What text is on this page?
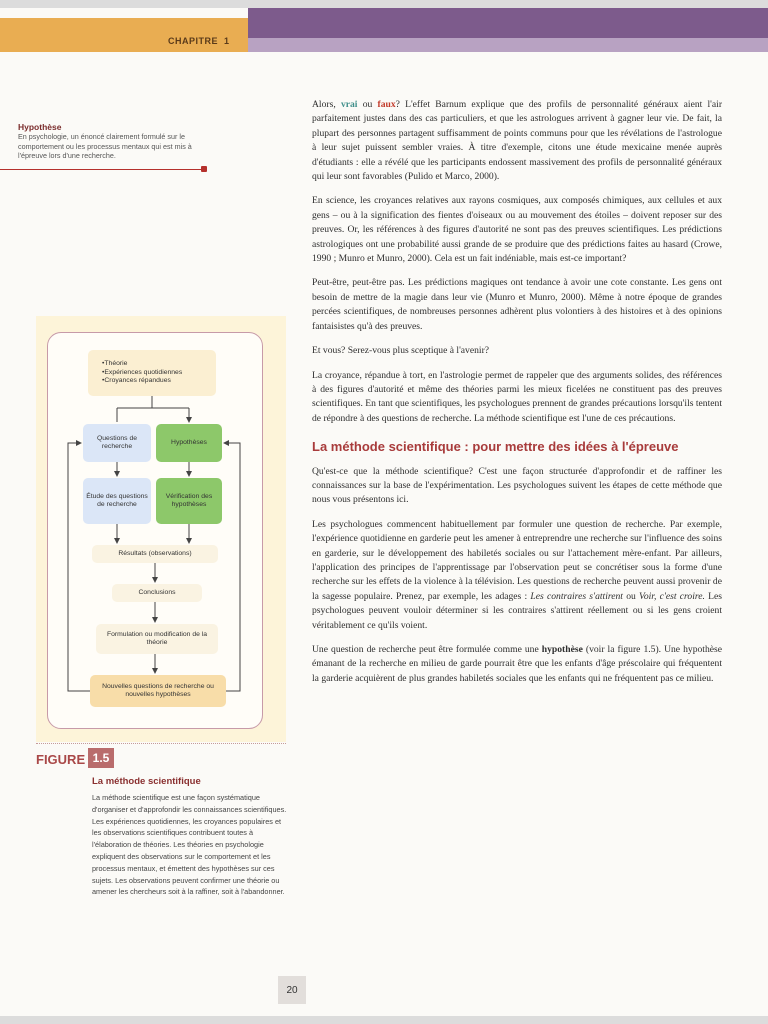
CHAPITRE 1
Hypothèse
En psychologie, un énoncé clairement formulé sur le comportement ou les processus mentaux qui est mis à l'épreuve lors d'une recherche.
• Théorie
• Expériences quotidiennes
• Croyances répandues
Questions de recherche
Hypothèses
Étude des questions de recherche
Vérification des hypothèses
Résultats (observations)
Conclusions
Formulation ou modification de la théorie
Nouvelles questions de recherche ou nouvelles hypothèses
FIGURE 1.5
La méthode scientifique
La méthode scientifique est une façon systématique d'organiser et d'approfondir les connaissances scientifiques. Les expériences quotidiennes, les croyances populaires et les observations scientifiques contribuent toutes à l'élaboration de théories. Les théories en psychologie expliquent des observations sur le comportement et les processus mentaux, et émettent des hypothèses sur ces sujets. Les observations peuvent confirmer une théorie ou amener les chercheurs soit à la raffiner, soit à l'abandonner.

Alors, vrai ou faux? L'effet Barnum explique que des profils de personnalité généraux aient l'air parfaitement justes dans des cas particuliers, et que les astrologues arrivent à gagner leur vie. De fait, la plupart des personnes partagent suffisamment de points communs pour que les révélations de l'astrologue à leur sujet puissent sembler vraies. À titre d'exemple, citons une étude mexicaine menée auprès d'étudiants : elle a révélé que les participants endossent massivement des profils de personnalité généraux qui leur sont favorables (Pulido et Marco, 2000).

En science, les croyances relatives aux rayons cosmiques, aux composés chimiques, aux cellules et aux gens – ou à la signification des fientes d'oiseaux ou au mouvement des étoiles – doivent reposer sur des preuves. Or, les références à des figures d'autorité ne sont pas des preuves scientifiques. Les prédictions astrologiques ont une probabilité aussi grande de se produire que des prédictions faites au hasard (Crowe, 1990 ; Munro et Munro, 2000). Cela est un fait indéniable, mais est-ce important?

Peut-être, peut-être pas. Les prédictions magiques ont tendance à avoir une cote constante. Les gens ont besoin de mettre de la magie dans leur vie (Munro et Munro, 2000). Même à notre époque de grandes percées scientifiques, de nombreuses personnes adhèrent plus volontiers à des histoires et à des opinions fantaisistes qu'à des preuves.

Et vous? Serez-vous plus sceptique à l'avenir?

La croyance, répandue à tort, en l'astrologie permet de rappeler que des arguments solides, des références à des figures d'autorité et même des théories parmi les mieux ficelées ne constituent pas des preuves scientifiques. En tant que scientifiques, les psychologues prennent de grandes précautions lorsqu'ils tentent de répondre à des questions de recherche. La méthode scientifique est l'une de ces précautions.

La méthode scientifique : pour mettre des idées à l'épreuve

Qu'est-ce que la méthode scientifique? C'est une façon structurée d'approfondir et de raffiner les connaissances sur la base de l'expérimentation. Les psychologues suivent les étapes de cette méthode que nous vous présentons ici.

Les psychologues commencent habituellement par formuler une question de recherche. Par exemple, l'expérience quotidienne en garderie peut les amener à entreprendre une recherche sur l'influence des soins en garderie, sur le développement des habiletés sociales ou sur l'attachement mère-enfant. Par ailleurs, l'application des principes de l'apprentissage par l'observation peut se concrétiser sous la forme d'une recherche sur les effets de la violence à la télévision. Les questions de recherche peuvent aussi provenir de la sagesse populaire. Prenez, par exemple, les adages : Les contraires s'attirent ou Voir, c'est croire. Les psychologues peuvent vouloir déterminer si les contraires s'attirent réellement ou si les gens croient véritablement ce qu'ils voient.

Une question de recherche peut être formulée comme une hypothèse (voir la figure 1.5). Une hypothèse émanant de la recherche en milieu de garde pourrait être que les enfants d'âge préscolaire qui fréquentent la garderie acquièrent de plus grandes habiletés sociales que les enfants qui ne fréquentent pas ce milieu.

20
